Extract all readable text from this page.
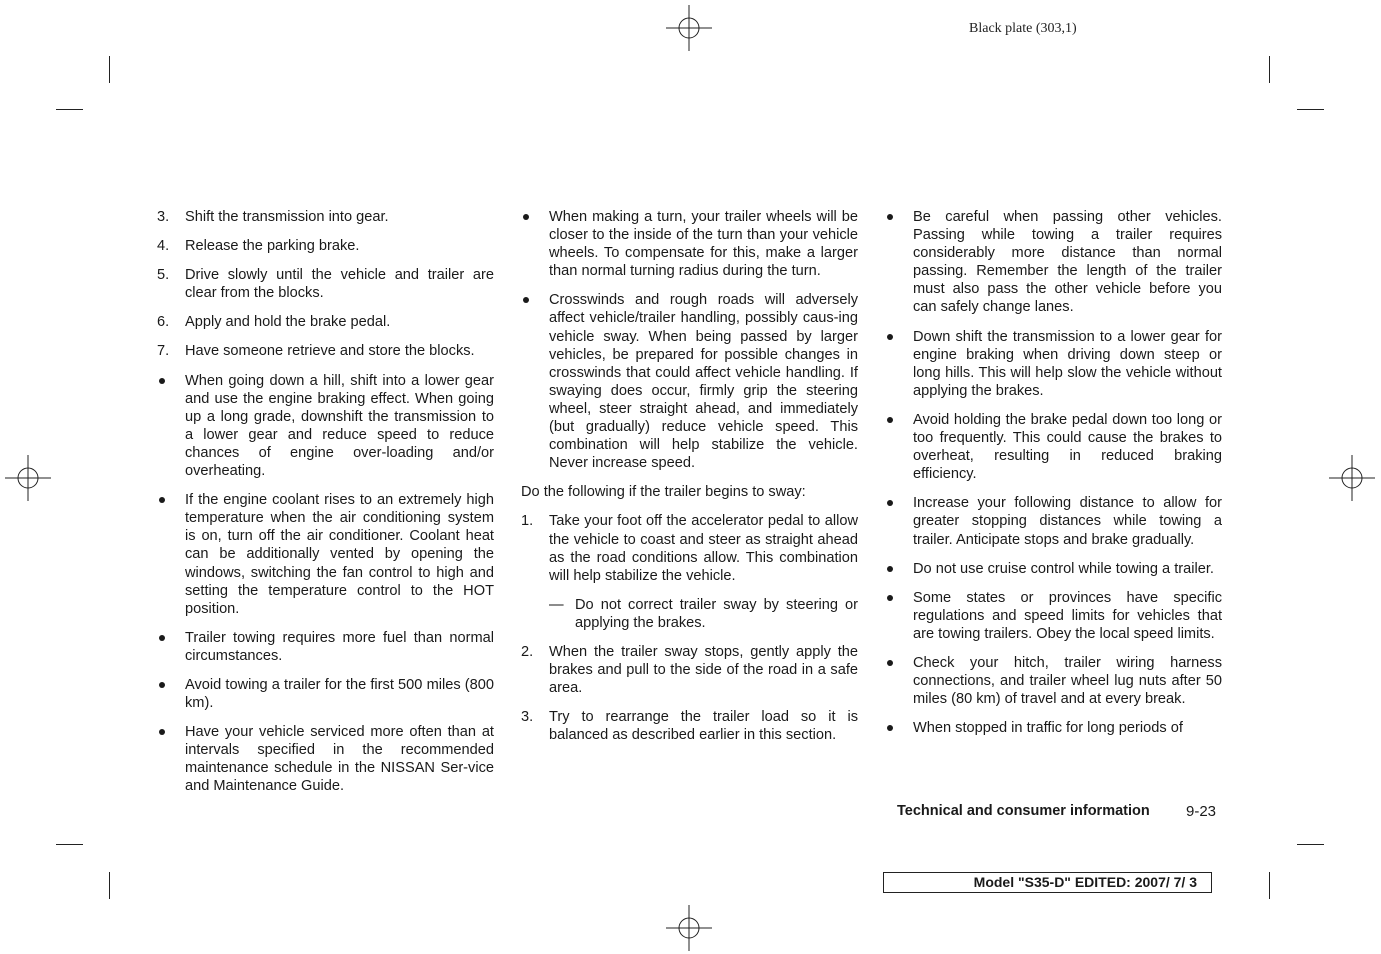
Black plate (303,1)
3. Shift the transmission into gear.
4. Release the parking brake.
5. Drive slowly until the vehicle and trailer are clear from the blocks.
6. Apply and hold the brake pedal.
7. Have someone retrieve and store the blocks.
When going down a hill, shift into a lower gear and use the engine braking effect. When going up a long grade, downshift the transmission to a lower gear and reduce speed to reduce chances of engine over-loading and/or overheating.
If the engine coolant rises to an extremely high temperature when the air conditioning system is on, turn off the air conditioner. Coolant heat can be additionally vented by opening the windows, switching the fan control to high and setting the temperature control to the HOT position.
Trailer towing requires more fuel than normal circumstances.
Avoid towing a trailer for the first 500 miles (800 km).
Have your vehicle serviced more often than at intervals specified in the recommended maintenance schedule in the NISSAN Ser-vice and Maintenance Guide.
When making a turn, your trailer wheels will be closer to the inside of the turn than your vehicle wheels. To compensate for this, make a larger than normal turning radius during the turn.
Crosswinds and rough roads will adversely affect vehicle/trailer handling, possibly caus-ing vehicle sway. When being passed by larger vehicles, be prepared for possible changes in crosswinds that could affect vehicle handling. If swaying does occur, firmly grip the steering wheel, steer straight ahead, and immediately (but gradually) reduce vehicle speed. This combination will help stabilize the vehicle. Never increase speed.
Do the following if the trailer begins to sway:
1. Take your foot off the accelerator pedal to allow the vehicle to coast and steer as straight ahead as the road conditions allow. This combination will help stabilize the vehicle.
— Do not correct trailer sway by steering or applying the brakes.
2. When the trailer sway stops, gently apply the brakes and pull to the side of the road in a safe area.
3. Try to rearrange the trailer load so it is balanced as described earlier in this section.
Be careful when passing other vehicles. Passing while towing a trailer requires considerably more distance than normal passing. Remember the length of the trailer must also pass the other vehicle before you can safely change lanes.
Down shift the transmission to a lower gear for engine braking when driving down steep or long hills. This will help slow the vehicle without applying the brakes.
Avoid holding the brake pedal down too long or too frequently. This could cause the brakes to overheat, resulting in reduced braking efficiency.
Increase your following distance to allow for greater stopping distances while towing a trailer. Anticipate stops and brake gradually.
Do not use cruise control while towing a trailer.
Some states or provinces have specific regulations and speed limits for vehicles that are towing trailers. Obey the local speed limits.
Check your hitch, trailer wiring harness connections, and trailer wheel lug nuts after 50 miles (80 km) of travel and at every break.
When stopped in traffic for long periods of
Technical and consumer information 9-23
Model "S35-D" EDITED: 2007/ 7/ 3
